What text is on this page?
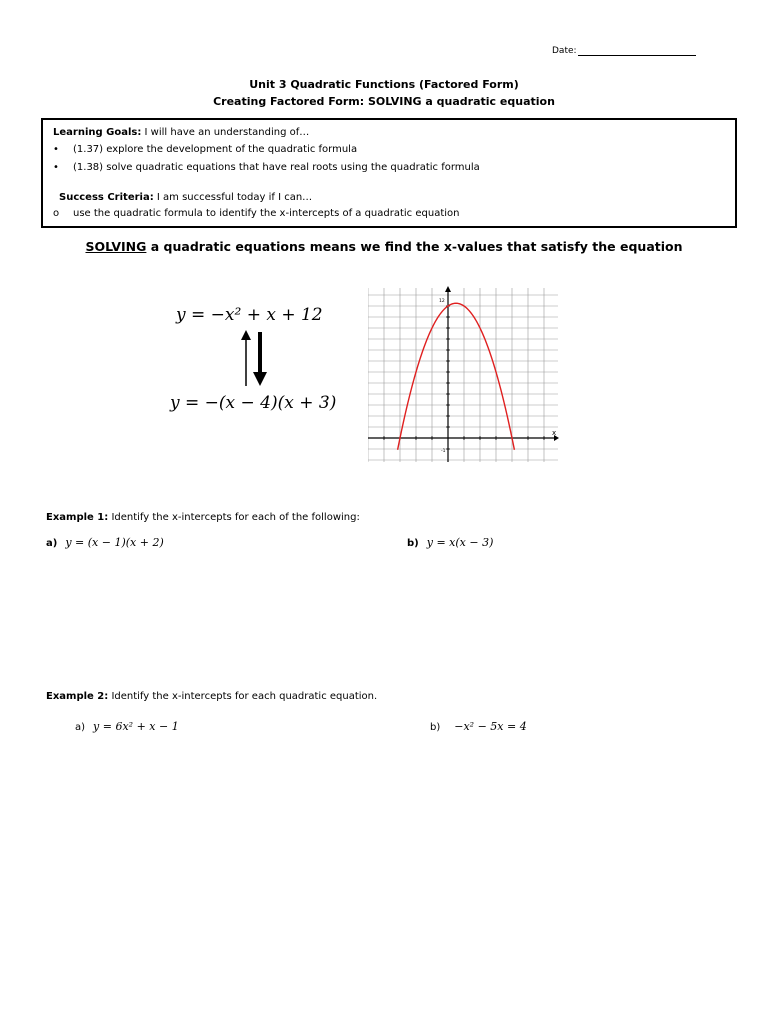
Date:
Unit 3 Quadratic Functions (Factored Form)
Creating Factored Form: SOLVING a quadratic equation
Learning Goals: I will have an understanding of…
• (1.37) explore the development of the quadratic formula
• (1.38) solve quadratic equations that have real roots using the quadratic formula
Success Criteria: I am successful today if I can…
o use the quadratic formula to identify the x-intercepts of a quadratic equation
SOLVING a quadratic equations means we find the x-values that satisfy the equation
y = −x² + x + 12
y = −(x − 4)(x + 3)
x
12
-1
Example 1: Identify the x-intercepts for each of the following:
a) y = (x − 1)(x + 2)	b) y = x(x − 3)
Example 2: Identify the x-intercepts for each quadratic equation.
a) y = 6x² + x − 1	b) −x² − 5x = 4
